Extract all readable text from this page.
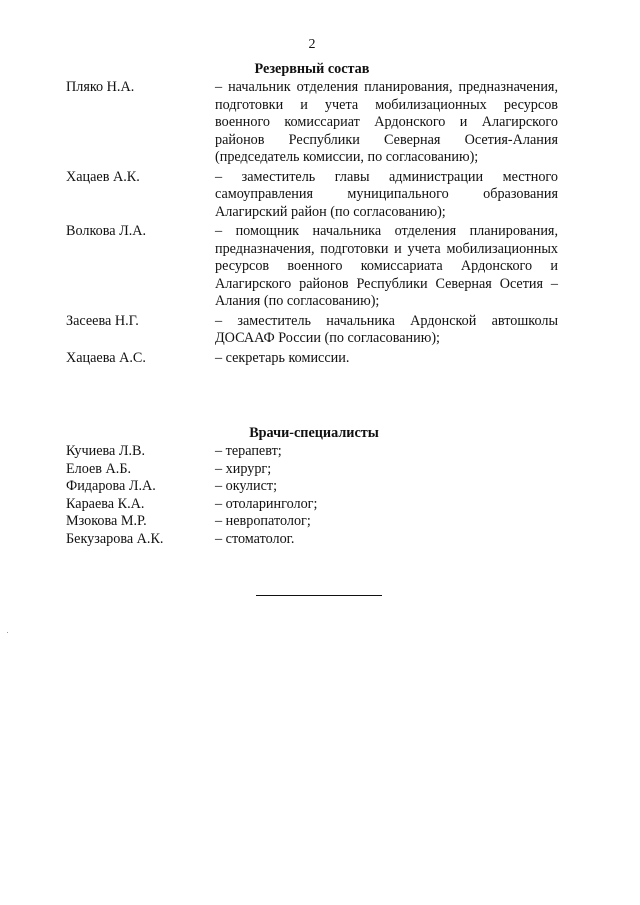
2
Резервный состав
Пляко Н.А.	– начальник отделения планирования, предназначения, подготовки и учета мобилизационных ресурсов военного комиссариат Ардонского и Алагирского районов Республики Северная Осетия-Алания (председатель комиссии, по согласованию);
Хацаев А.К.	– заместитель главы администрации местного самоуправления муниципального образования Алагирский район (по согласованию);
Волкова Л.А.	– помощник начальника отделения планирования, предназначения, подготовки и учета мобилизационных ресурсов военного комиссариата Ардонского и Алагирского районов Республики Северная Осетия – Алания (по согласованию);
Засеева Н.Г.	– заместитель начальника Ардонской автошколы ДОСААФ России (по согласованию);
Хацаева А.С.	– секретарь комиссии.
Врачи-специалисты
Кучиева Л.В.	– терапевт;
Елоев А.Б.	– хирург;
Фидарова Л.А.	– окулист;
Караева К.А.	– отоларинголог;
Мзокова М.Р.	– невропатолог;
Бекузарова А.К.	– стоматолог.
